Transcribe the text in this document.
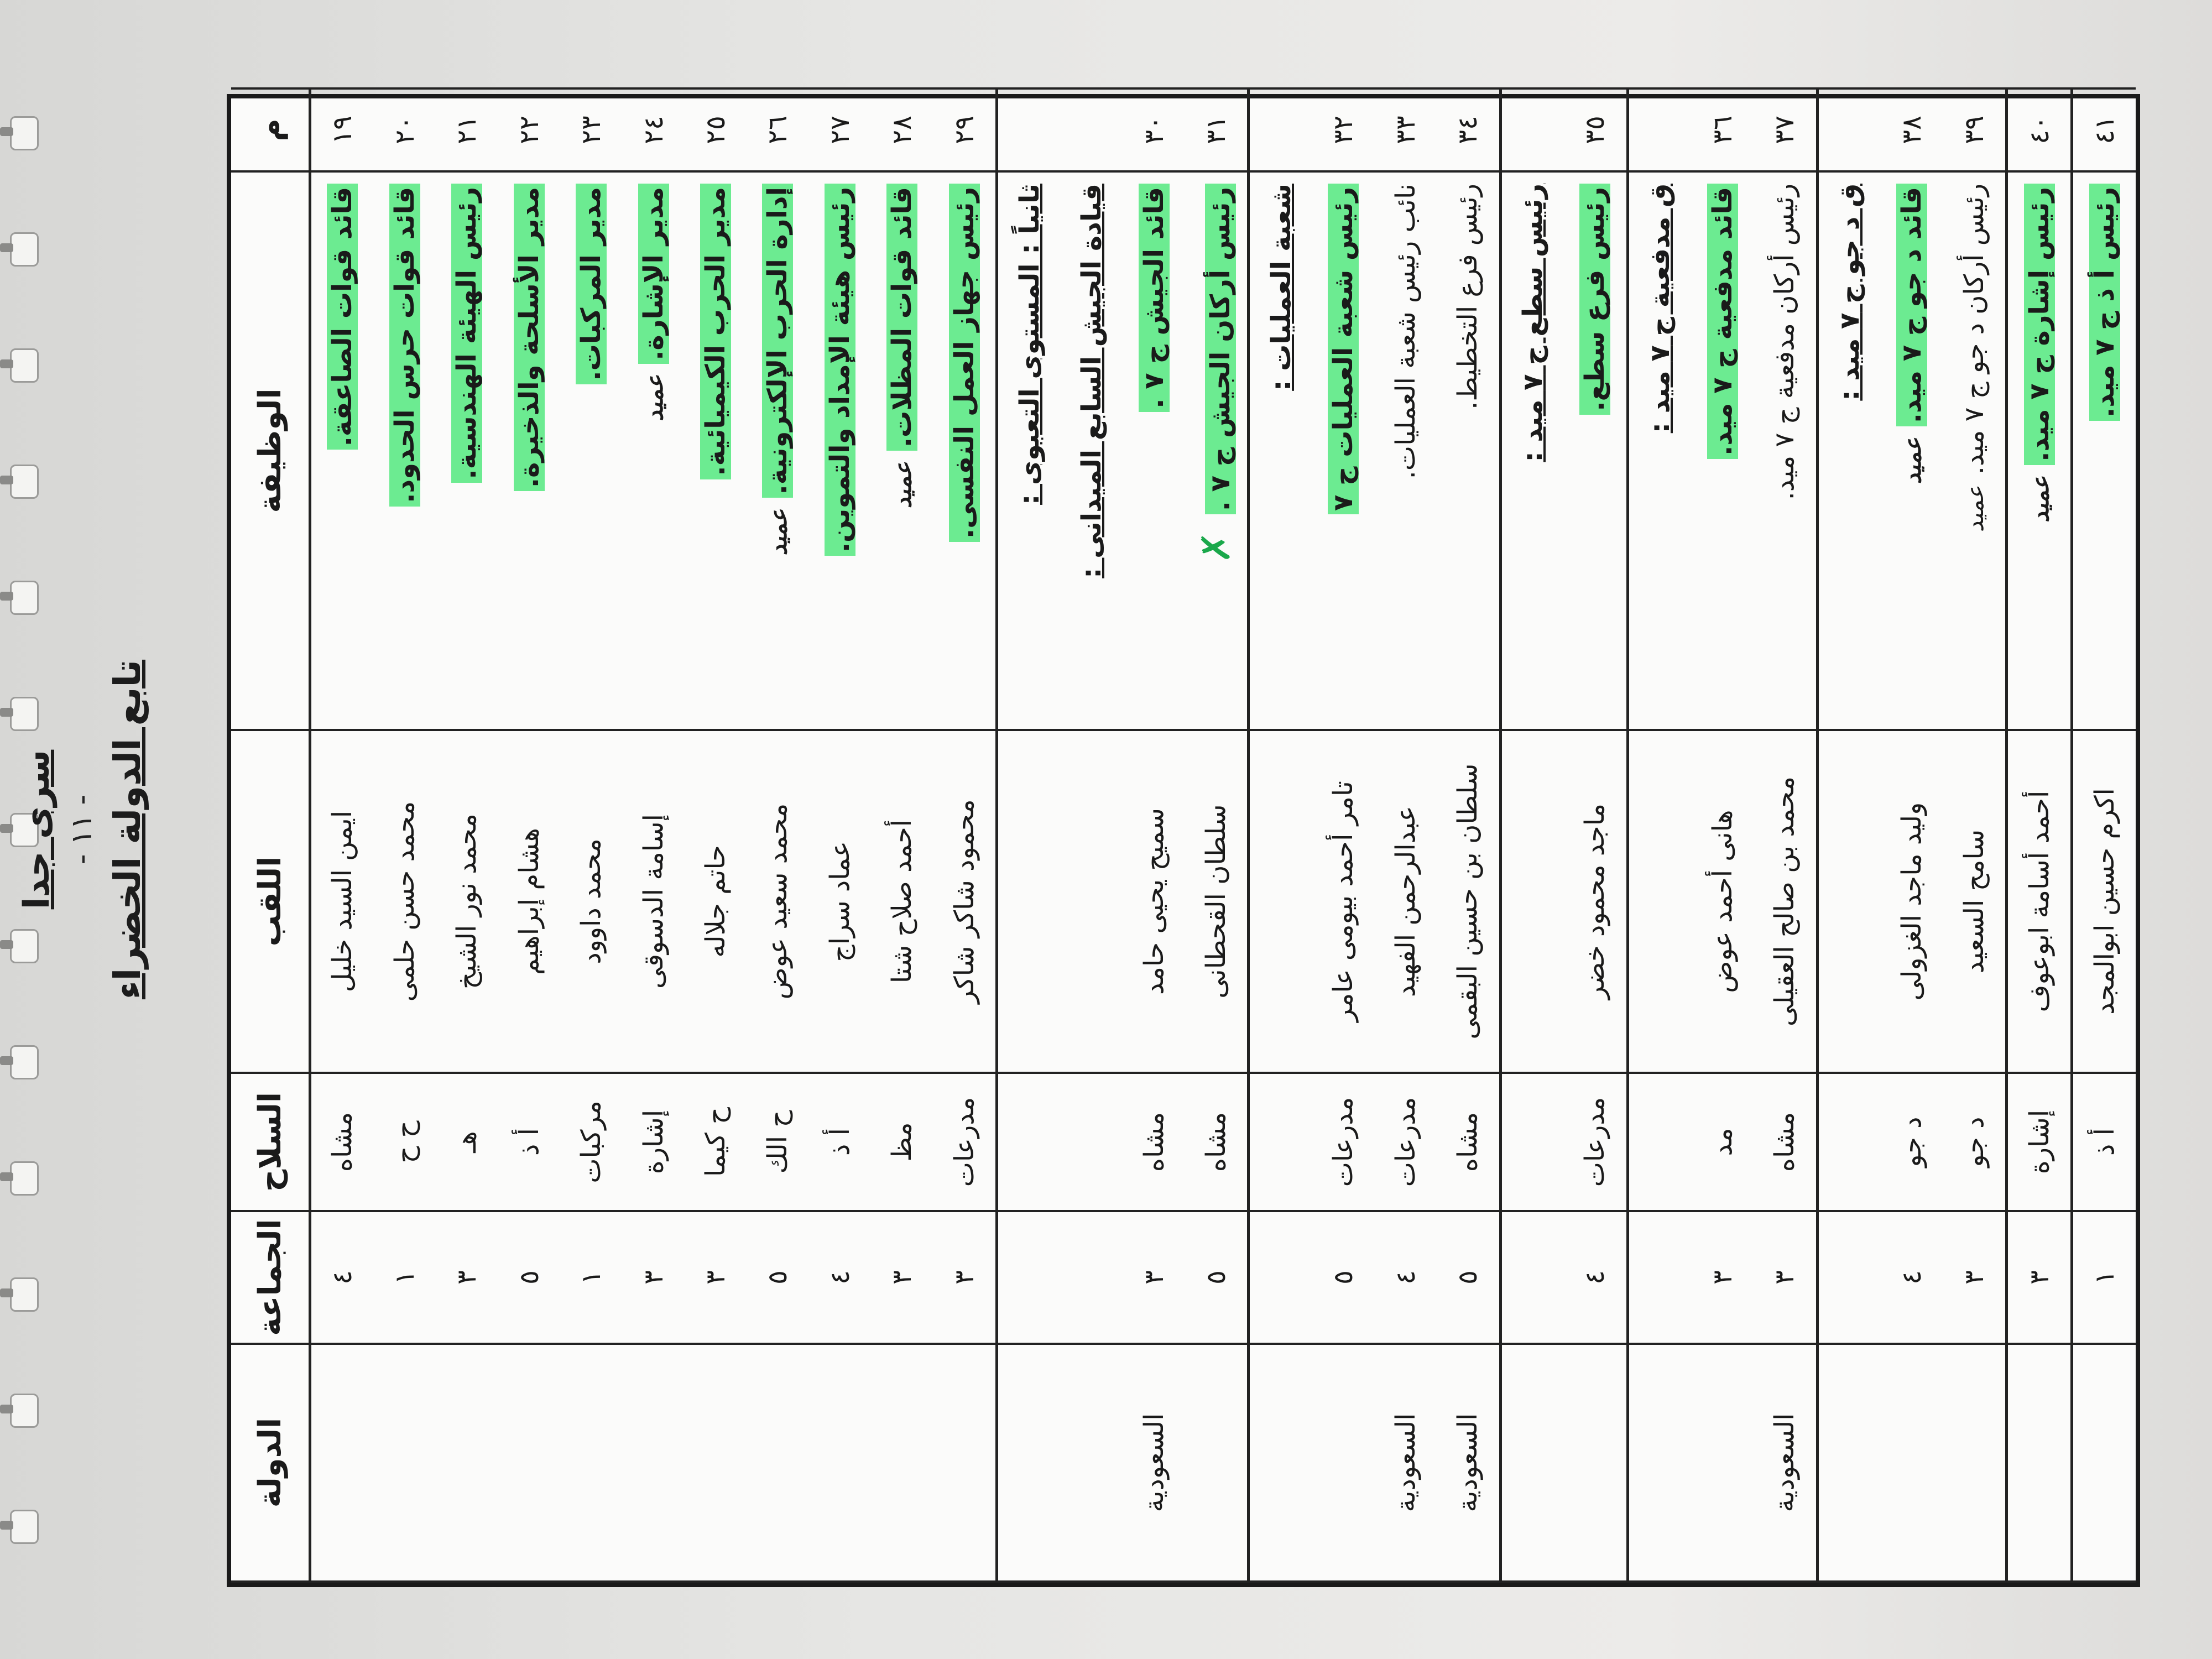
سرى جدا - ١١ - تابع الدولة الخضراء
م	الوظيفة	اللقب	السلاح	الجماعة	الدولة
١٩	قائد قوات الصاعقة.	ايمن السيد خليل	مشاه	٤	
٢٠	قائد قوات حرس الحدود.	محمد حسن حلمى	ح ح	١	
٢١	رئيس الهيئة الهندسية.	محمد نور الشيخ	هـ	٣	
٢٢	مدير الأسلحة والذخيرة.	هشام إبراهيم	أ ذ	٥	
٢٣	مدير المركبات.	محمد داوود	مركبات	١	
٢٤	مدير الإشارة.عميد	إسامة الدسوقى	إشارة	٣	
٢٥	مدير الحرب الكيميائية.	حاتم جلاله	ح كيما	٣	
٢٦	إدارة الحرب الإلكترونية.عميد	محمد سعيد عوض	ح الك	٥	
٢٧	رئيس هيئة الإمداد والتموين.	عماد سراج	أ ذ	٤	
٢٨	قائد قوات المظلات.عميد	أحمد صلاح شتا	مظ	٣	
٢٩	رئيس جهاز العمل النفسى.	محمود شاكر شاكر	مدرعات	٣	
	ثانياً : المستوى التعبوى :				
	قيادة الجيش السابع الميدانى :				
٣٠	قائد الجيش ج ٧ .	سميح يحيى حامد	مشاه	٣	السعودية
٣١	رئيس أركان الجيش ج ٧ .✗	سلطان القحطانى	مشاه	٥	
	شعبة العمليات :				
٣٢	رئيس شعبة العمليات ج ٧	تامر أحمد بيومى عامر	مدرعات	٥	
٣٣	نائب رئيس شعبة العمليات.	عبدالرحمن الفهيد	مدرعات	٤	السعودية
٣٤	رئيس فرع التخطيط.	سلطان بن حسين البقمى	مشاه	٥	السعودية
	رئيس سطع ج ٧ ميد :				
٣٥	رئيس فرع سطع.	ماجد محمود خضر	مدرعات	٤	
	ق مدفعية ج ٧ ميد :				
٣٦	قائد مدفعية ج ٧ ميد.	هانى أحمد عوض	مد	٣	
٣٧	رئيس أركان مدفعية ج ٧ ميد.	محمد بن صالح العقيلى	مشاه	٣	السعودية
	ق د جو ج ٧ ميد :				
٣٨	قائد د جو ج ٧ ميد.عميد	وليد ماجد الغزولى	د جو	٤	
٣٩	رئيس أركان د جو ج ٧ ميد.عميد	سامح السعيد	د جو	٣	
٤٠	رئيس إشارة ج ٧ ميد.عميد	أحمد أسامة ابوعوف	إشارة	٣	
٤١	رئيس أ ذ ج ٧ ميد.	اكرم حسين ابوالمجد	أ ذ	١	
